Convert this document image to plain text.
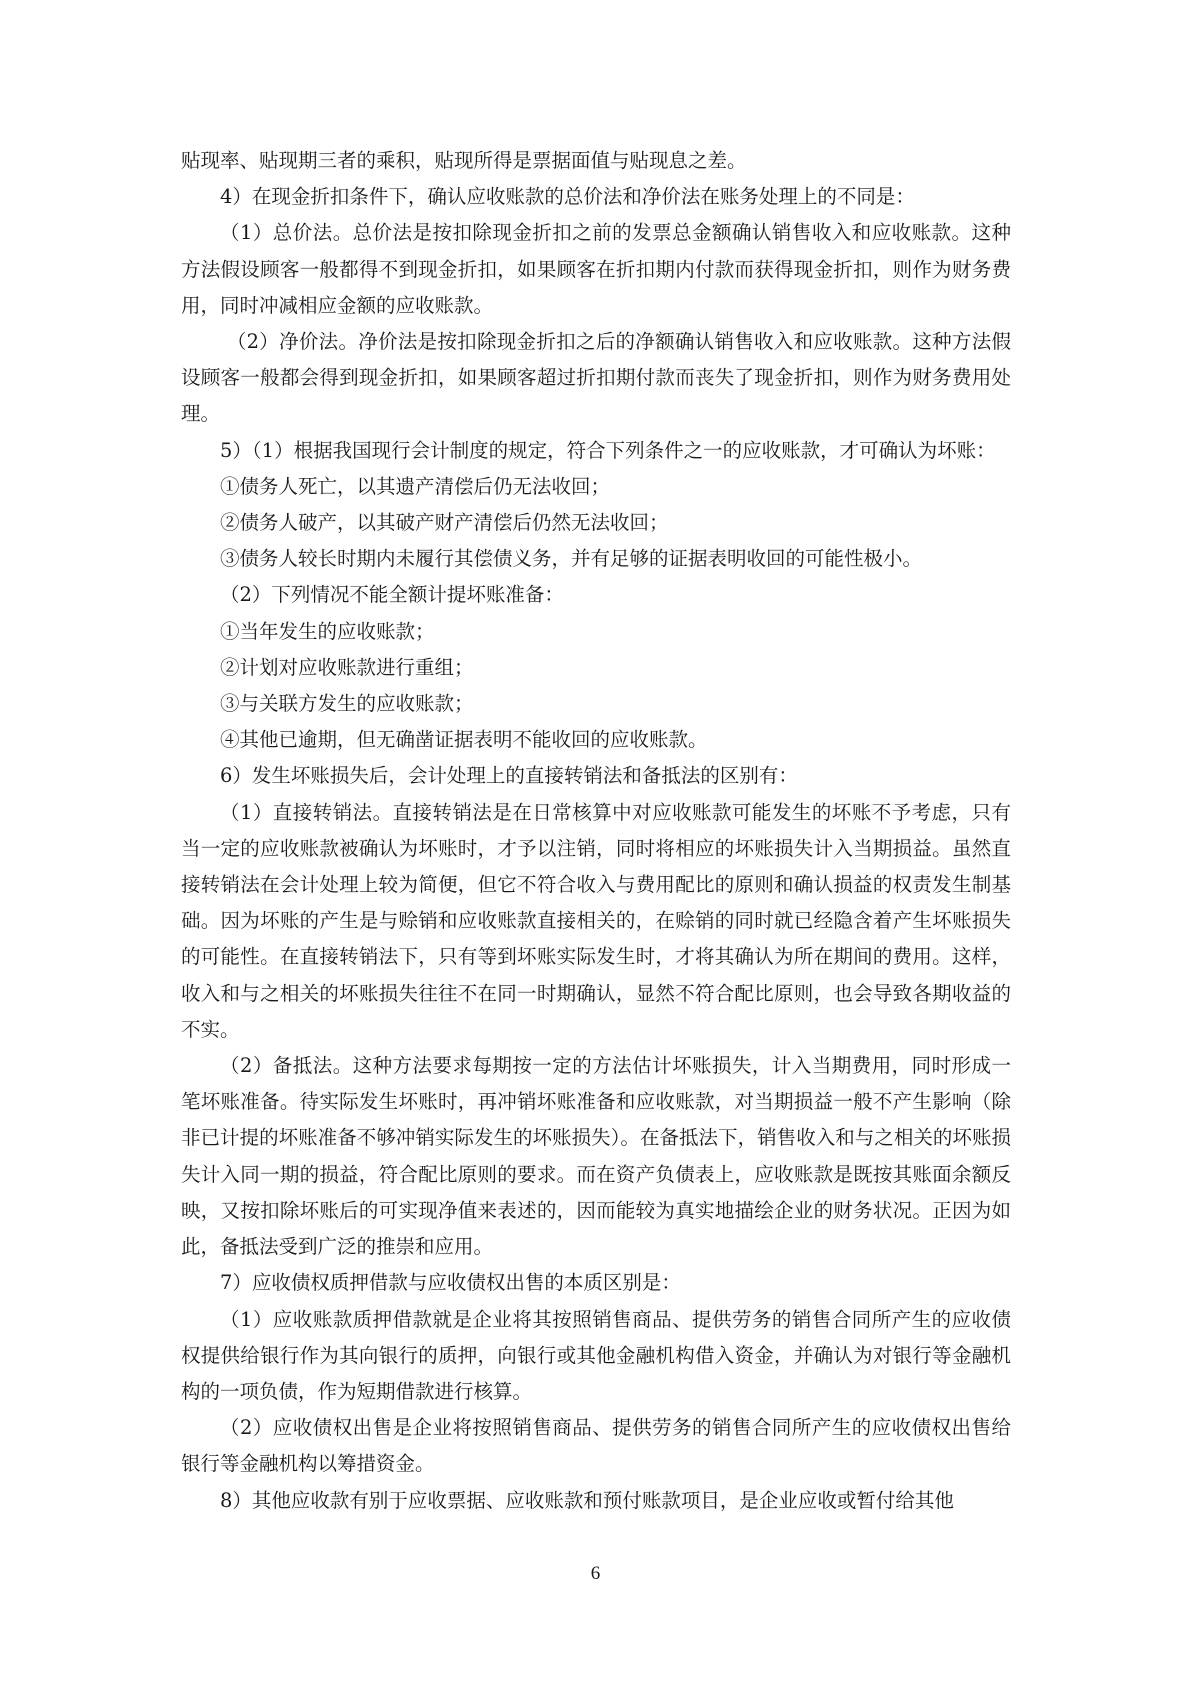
贴现率、贴现期三者的乘积，贴现所得是票据面值与贴现息之差。

4）在现金折扣条件下，确认应收账款的总价法和净价法在账务处理上的不同是：

（1）总价法。总价法是按扣除现金折扣之前的发票总金额确认销售收入和应收账款。这种方法假设顾客一般都得不到现金折扣，如果顾客在折扣期内付款而获得现金折扣，则作为财务费用，同时冲减相应金额的应收账款。

（2）净价法。净价法是按扣除现金折扣之后的净额确认销售收入和应收账款。这种方法假设顾客一般都会得到现金折扣，如果顾客超过折扣期付款而丧失了现金折扣，则作为财务费用处理。

5）（1）根据我国现行会计制度的规定，符合下列条件之一的应收账款，才可确认为坏账：

①债务人死亡，以其遗产清偿后仍无法收回；

②债务人破产，以其破产财产清偿后仍然无法收回；

③债务人较长时期内未履行其偿债义务，并有足够的证据表明收回的可能性极小。

（2）下列情况不能全额计提坏账准备：

①当年发生的应收账款；

②计划对应收账款进行重组；

③与关联方发生的应收账款；

④其他已逾期，但无确凿证据表明不能收回的应收账款。

6）发生坏账损失后，会计处理上的直接转销法和备抵法的区别有：

（1）直接转销法。直接转销法是在日常核算中对应收账款可能发生的坏账不予考虑，只有当一定的应收账款被确认为坏账时，才予以注销，同时将相应的坏账损失计入当期损益。虽然直接转销法在会计处理上较为简便，但它不符合收入与费用配比的原则和确认损益的权责发生制基础。因为坏账的产生是与赊销和应收账款直接相关的，在赊销的同时就已经隐含着产生坏账损失的可能性。在直接转销法下，只有等到坏账实际发生时，才将其确认为所在期间的费用。这样，收入和与之相关的坏账损失往往不在同一时期确认，显然不符合配比原则，也会导致各期收益的不实。

（2）备抵法。这种方法要求每期按一定的方法估计坏账损失，计入当期费用，同时形成一笔坏账准备。待实际发生坏账时，再冲销坏账准备和应收账款，对当期损益一般不产生影响（除非已计提的坏账准备不够冲销实际发生的坏账损失）。在备抵法下，销售收入和与之相关的坏账损失计入同一期的损益，符合配比原则的要求。而在资产负债表上，应收账款是既按其账面余额反映，又按扣除坏账后的可实现净值来表述的，因而能较为真实地描绘企业的财务状况。正因为如此，备抵法受到广泛的推崇和应用。

7）应收债权质押借款与应收债权出售的本质区别是：

（1）应收账款质押借款就是企业将其按照销售商品、提供劳务的销售合同所产生的应收债权提供给银行作为其向银行的质押，向银行或其他金融机构借入资金，并确认为对银行等金融机构的一项负债，作为短期借款进行核算。

（2）应收债权出售是企业将按照销售商品、提供劳务的销售合同所产生的应收债权出售给银行等金融机构以筹措资金。

8）其他应收款有别于应收票据、应收账款和预付账款项目，是企业应收或暂付给其他

6
